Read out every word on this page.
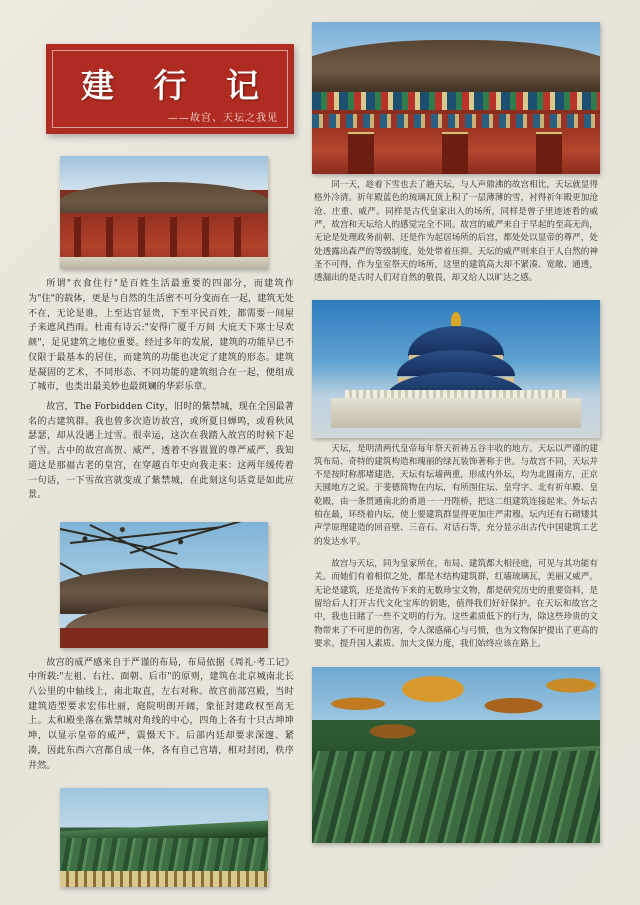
建 行 记
——故宫、天坛之我见

所谓"衣食住行"是百姓生活最重要的四部分，而建筑作为"住"的载体，更是与自然的生活密不可分变而在一起，建筑无处不在，无论是谁，上至达官显贵，下至平民百姓，都需要一间屋子来遮风挡雨。杜甫有诗云:"安得广厦千万间 大庇天下寒士尽欢颜"，足见建筑之地位重要。经过多年的发展，建筑的功能早已不仅限于最基本的居住，而建筑的功能也决定了建筑的形态。建筑是凝固的艺术，不同形态、不同功能的建筑组合在一起，便组成了城市，也类出最美妙也最斑斓的华彩乐章。

故宫，The Forbidden City，旧时的紫禁城，现在全国最著名的古建筑群。我也曾多次造访故宫，或所夏日蝉鸣，或看秋风瑟瑟，却从没遇上过雪。很幸运，这次在我踏入故宫的时候下起了雪。古中的故宫高贺、威严，透着不容置置的尊严威严，我知道这是那福古老的皇宫，在穿越百年史向我走来：这两年缓传着一句话，一下雪故宫就变成了紫禁城，在此刻这句话竟是如此应景。

故宫的威严感来自于严谨的布局，布局依据《周礼·考工记》中所载:"左祖、右社、面朝、后市"的原则，建筑在北京城南北长八公里的中轴线上，南北取直，左右对称。故宫前部宫殿，当时建筑造型要求宏伟壮丽，庭院明朗开阔，象征封建政权至高无上。太和殿坐落在紫禁城对角线的中心，四角上各有十只古坤坤坤，以显示皇帝的威严，震慑天下。后部内廷却要求深邃、紧凑，因此东西六宫都自成一体，各有自己宫墙，相对封闭，秩序井然。

同一天，趁着下雪也去了趟天坛，与人声鼎沸的故宫相比，天坛就显得格外冷清。祈年殿蓝色的琉璃瓦顶上积了一层薄薄的雪，衬得祈年殿更加沧沧、庄重、威严。同样是古代皇家出入的场所，同样是曾子里迹迹看的威严，故宫和天坛给人的感觉完全不同。故宫的威严来自于早起的至高无尚，无论是处理政务前朝、还是作为起居场所的后宫，都处处以显帝的尊严，处处透露出森严的等级制度，处处带着压抑。天坛的威严则来自于人自然的神圣不可得，作为皇室祭天的场所，这里的建筑高大却不紧凑、宽敞、通透，透漏出的是古时人们对自然的敬畏，却又给人以旷达之感。

天坛，是明清两代皇帝每年祭天祈祷五谷丰收的地方。天坛以严谨的建筑布局、奇特的建筑构造和瑰丽的绿瓦装饰著称于世。与故宫不同，天坛并不是按时称那堵建造，天坛有坛墙两重，形成内外坛，均为北圆南方，正京天圆地方之说。于斐德简物在内坛，有所围住坛、皇穹字、北有祈年殿、皇乾殿，由一条贯通南北的甬道一一丹陛桥，把这二组建筑连接起来。外坛古柏在最，环绕着内坛，使上要建筑群显得更加庄严肃穆。坛内还有石砌矮其声学原理建造的回音壁、三音石、对话石等，充分显示出古代中国建筑工艺的发达水平。

故宫与天坛，同为皇家所在，布局、建筑都大相径庭，可见与其功能有关。而她们有着相似之处，都是木结构建筑群，红墙琉璃瓦，美丽又威严。无论是建筑，还是流传下来的无数珍宝文物，都是研究历史的重要资料，是留给后人打开古代文化宝库的钥匙，值得我们好好保护。在天坛和故宫之中，我也日睹了一些不文明的行为。这些素质低下的行为，除这些珍贵的文物带来了不可逆的伤害，令人深感痛心与弓愤，也为文物保护提出了更高的要求。提升国人素质、加大文保力度，我们始终应该在路上。
